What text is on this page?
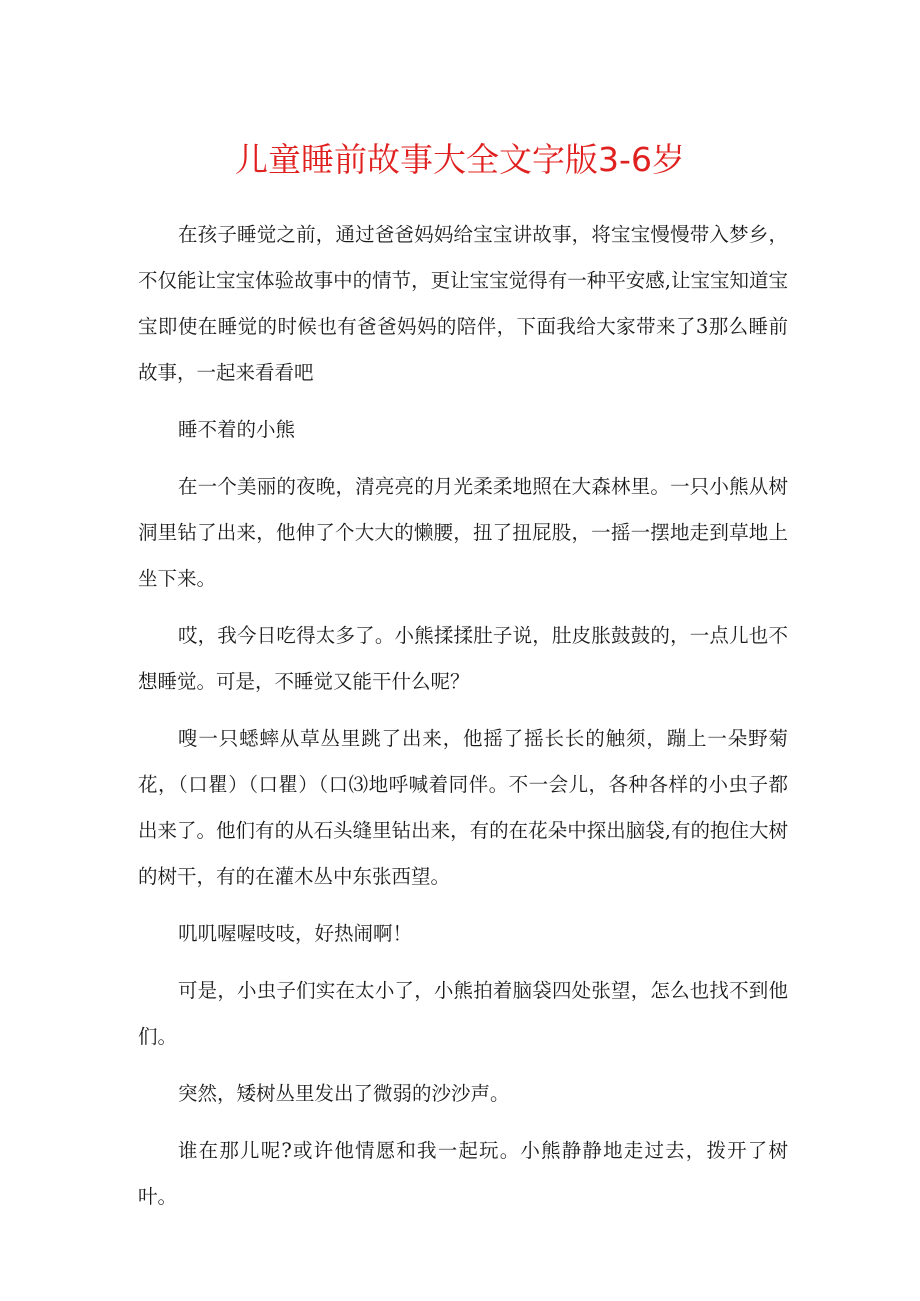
儿童睡前故事大全文字版3-6岁

在孩子睡觉之前，通过爸爸妈妈给宝宝讲故事，将宝宝慢慢带入梦乡，不仅能让宝宝体验故事中的情节，更让宝宝觉得有一种平安感,让宝宝知道宝宝即使在睡觉的时候也有爸爸妈妈的陪伴，下面我给大家带来了3那么睡前故事，一起来看看吧

睡不着的小熊

在一个美丽的夜晚，清亮亮的月光柔柔地照在大森林里。一只小熊从树洞里钻了出来，他伸了个大大的懒腰，扭了扭屁股，一摇一摆地走到草地上坐下来。

哎，我今日吃得太多了。小熊揉揉肚子说，肚皮胀鼓鼓的，一点儿也不想睡觉。可是，不睡觉又能干什么呢？

嗖一只蟋蟀从草丛里跳了出来，他摇了摇长长的触须，蹦上一朵野菊花，（口瞿）（口瞿）（口⑶地呼喊着同伴。不一会儿，各种各样的小虫子都出来了。他们有的从石头缝里钻出来，有的在花朵中探出脑袋,有的抱住大树的树干，有的在灌木丛中东张西望。

叽叽喔喔吱吱，好热闹啊！

可是，小虫子们实在太小了，小熊拍着脑袋四处张望，怎么也找不到他们。

突然，矮树丛里发出了微弱的沙沙声。

谁在那儿呢?或许他情愿和我一起玩。小熊静静地走过去，拨开了树叶。
